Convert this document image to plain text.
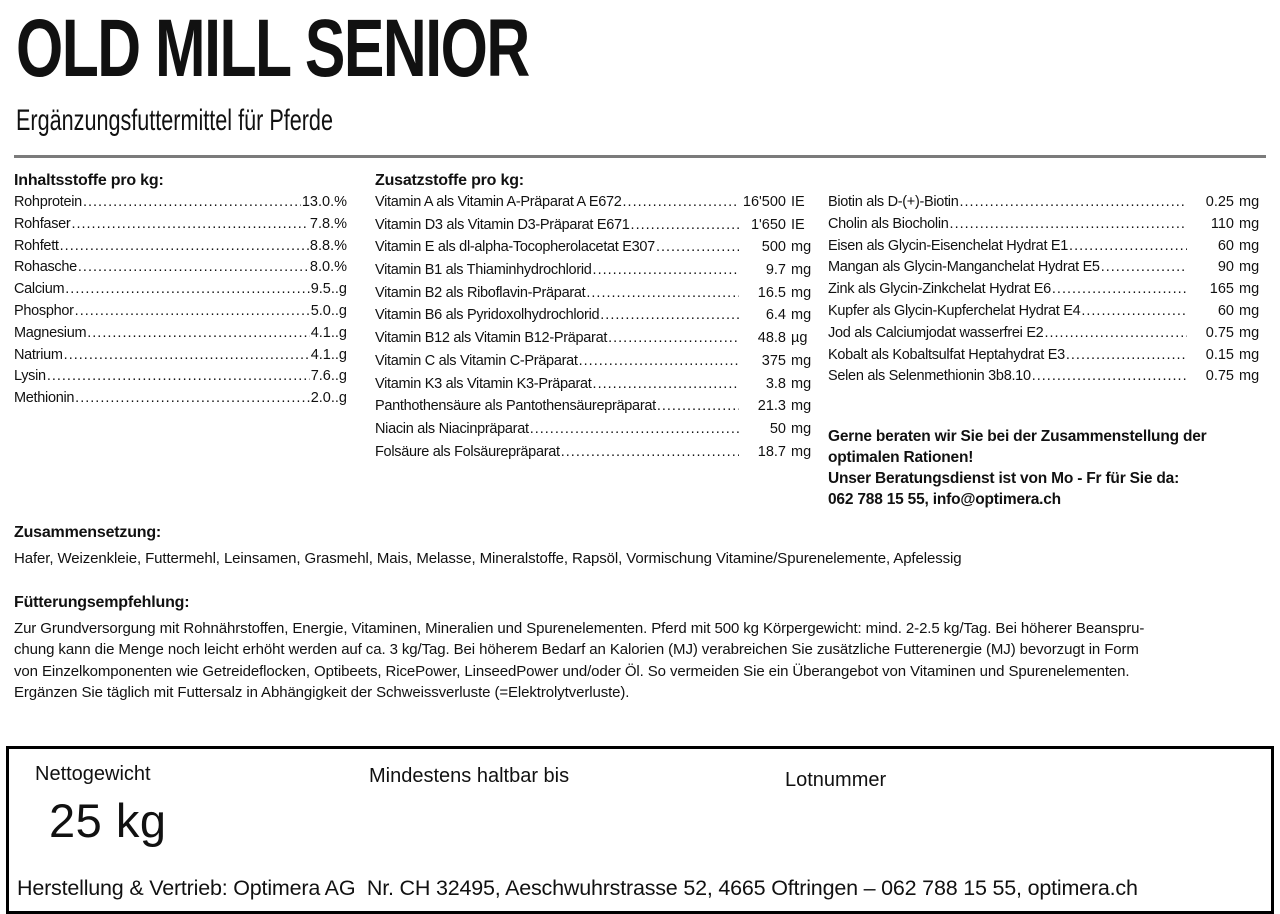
OLD MILL SENIOR
Ergänzungsfuttermittel für Pferde
Inhaltsstoffe pro kg:
Rohprotein .....	13.0.%
Rohfaser .....	7.8.%
Rohfett .....	8.8.%
Rohasche .....	8.0.%
Calcium .....	9.5..g
Phosphor .....	5.0..g
Magnesium .....	4.1..g
Natrium .....	4.1..g
Lysin .....	7.6..g
Methionin .....	2.0..g
Zusatzstoffe pro kg:
Vitamin A als Vitamin A-Präparat A E672 .....	16'500 IE
Vitamin D3 als Vitamin D3-Präparat E671 .....	1'650 IE
Vitamin E als dl-alpha-Tocopherolacetat E307 .....	500 mg
Vitamin B1 als Thiaminhydrochlorid .....	9.7 mg
Vitamin B2 als Riboflavin-Präparat .....	16.5 mg
Vitamin B6 als Pyridoxolhydrochlorid .....	6.4 mg
Vitamin B12 als Vitamin B12-Präparat .....	48.8 µg
Vitamin C als Vitamin C-Präparat .....	375 mg
Vitamin K3 als Vitamin K3-Präparat .....	3.8 mg
Panthothensäure als Pantothensäurepräparat .....	21.3 mg
Niacin als Niacinpräparat .....	50 mg
Folsäure als Folsäurepräparat .....	18.7 mg
Biotin als D-(+)-Biotin .....	0.25 mg
Cholin als Biocholin .....	110 mg
Eisen als Glycin-Eisenchelat Hydrat E1 .....	60 mg
Mangan als Glycin-Manganchelat Hydrat E5 .....	90 mg
Zink als Glycin-Zinkchelat Hydrat E6 .....	165 mg
Kupfer als Glycin-Kupferchelat Hydrat E4 .....	60 mg
Jod als Calciumjodat wasserfrei E2 .....	0.75 mg
Kobalt als Kobaltsulfat Heptahydrat E3 .....	0.15 mg
Selen als Selenmethionin 3b8.10 .....	0.75 mg
Gerne beraten wir Sie bei der Zusammenstellung der
optimalen Rationen!
Unser Beratungsdienst ist von Mo - Fr für Sie da:
062 788 15 55, info@optimera.ch
Zusammensetzung:
Hafer, Weizenkleie, Futtermehl, Leinsamen, Grasmehl, Mais, Melasse, Mineralstoffe, Rapsöl, Vormischung Vitamine/Spurenelemente, Apfelessig
Fütterungsempfehlung:
Zur Grundversorgung mit Rohnährstoffen, Energie, Vitaminen, Mineralien und Spurenelementen. Pferd mit 500 kg Körpergewicht: mind. 2-2.5 kg/Tag. Bei höherer Beanspru-
chung kann die Menge noch leicht erhöht werden auf ca. 3 kg/Tag. Bei höherem Bedarf an Kalorien (MJ) verabreichen Sie zusätzliche Futterenergie (MJ) bevorzugt in Form
von Einzelkomponenten wie Getreideflocken, Optibeets, RicePower, LinseedPower und/oder Öl. So vermeiden Sie ein Überangebot von Vitaminen und Spurenelementen.
Ergänzen Sie täglich mit Futtersalz in Abhängigkeit der Schweissverluste (=Elektrolytverluste).
Nettogewicht
25 kg
Mindestens haltbar bis	Lotnummer
Herstellung & Vertrieb: Optimera AG  Nr. CH 32495, Aeschwuhrstrasse 52, 4665 Oftringen – 062 788 15 55, optimera.ch
